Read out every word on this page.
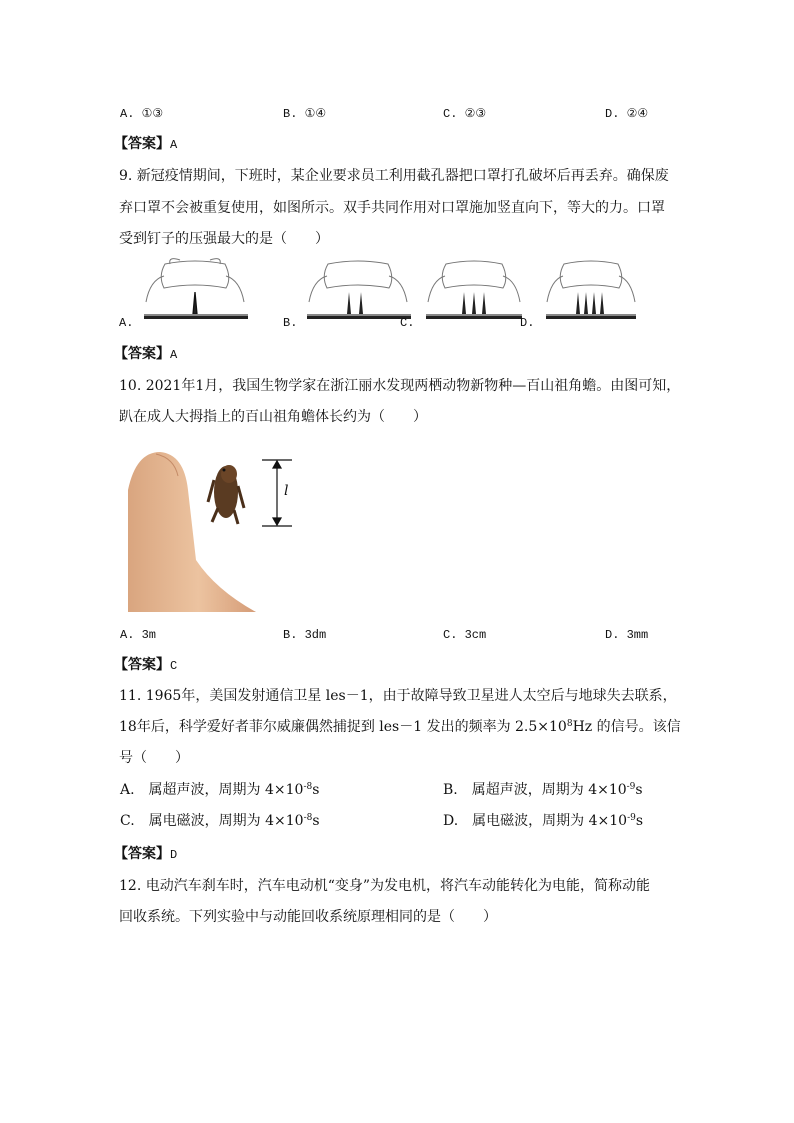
A. ①③	B. ①④	C. ②③	D. ②④
【答案】A
9. 新冠疫情期间，下班时，某企业要求员工利用截孔器把口罩打孔破坏后再丢弃。确保废
弃口罩不会被重复使用，如图所示。双手共同作用对口罩施加竖直向下，等大的力。口罩
受到钉子的压强最大的是（　　）
A.	B.	C.	D.
【答案】A
10. 2021年1月，我国生物学家在浙江丽水发现两栖动物新物种—百山祖角蟾。由图可知，
趴在成人大拇指上的百山祖角蟾体长约为（　　）
l
A. 3m	B. 3dm	C. 3cm	D. 3mm
【答案】C
11. 1965年，美国发射通信卫星 les－1，由于故障导致卫星进人太空后与地球失去联系，
18年后，科学爱好者菲尔威廉偶然捕捉到 les－1 发出的频率为 $2.5\times 10^8Hz$ 的信号。该信
号（　　）
A.　属超声波，周期为 $4\times 10^{-8}s$	B.　属超声波，周期为 $4\times 10^{-9}s$
C.　属电磁波，周期为 $4\times 10^{-8}s$	D.　属电磁波，周期为 $4\times 10^{-9}s$
【答案】D
12. 电动汽车刹车时，汽车电动机“变身”为发电机，将汽车动能转化为电能，简称动能
回收系统。下列实验中与动能回收系统原理相同的是（　　）
